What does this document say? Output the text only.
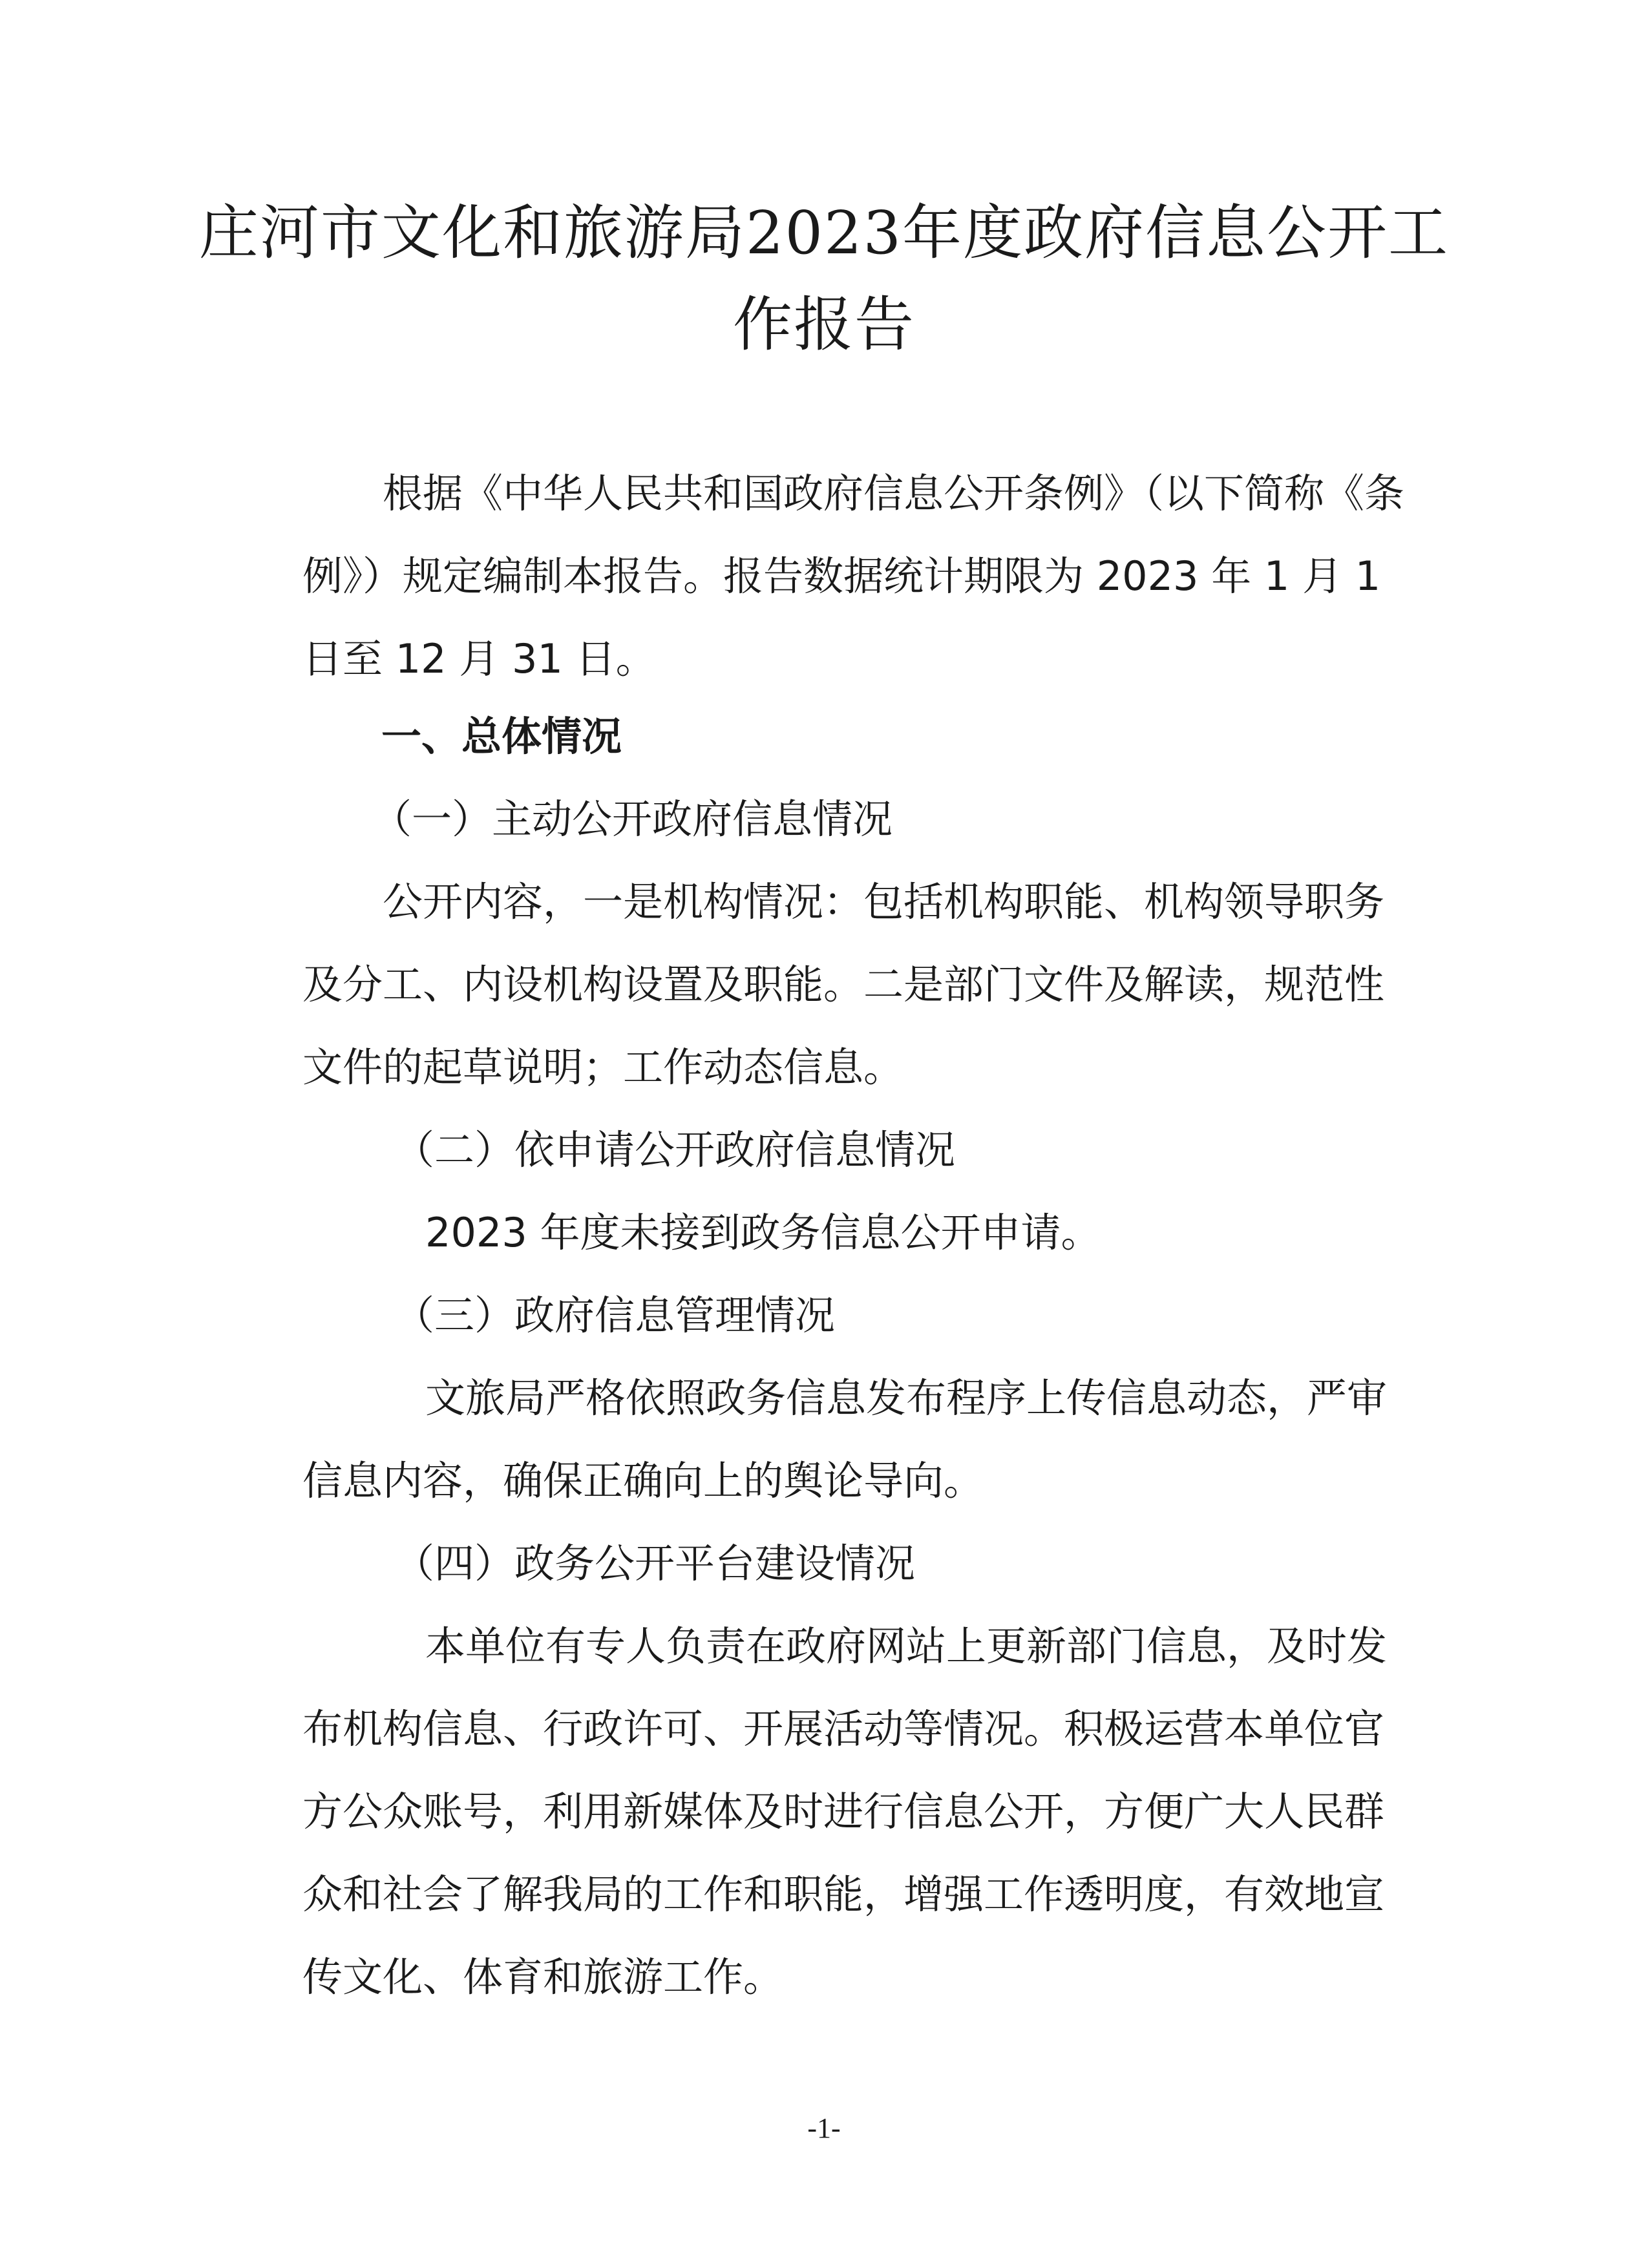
庄河市文化和旅游局2023年度政府信息公开工作报告

根据《中华人民共和国政府信息公开条例》（以下简称《条例》）规定编制本报告。报告数据统计期限为 2023 年 1 月 1 日至 12 月 31 日。

一、总体情况

（一）主动公开政府信息情况

公开内容，一是机构情况：包括机构职能、机构领导职务及分工、内设机构设置及职能。二是部门文件及解读，规范性文件的起草说明；工作动态信息。

（二）依申请公开政府信息情况

2023 年度未接到政务信息公开申请。

（三）政府信息管理情况

文旅局严格依照政务信息发布程序上传信息动态，严审信息内容，确保正确向上的舆论导向。

（四）政务公开平台建设情况

本单位有专人负责在政府网站上更新部门信息，及时发布机构信息、行政许可、开展活动等情况。积极运营本单位官方公众账号，利用新媒体及时进行信息公开，方便广大人民群众和社会了解我局的工作和职能，增强工作透明度，有效地宣传文化、体育和旅游工作。

-1-
